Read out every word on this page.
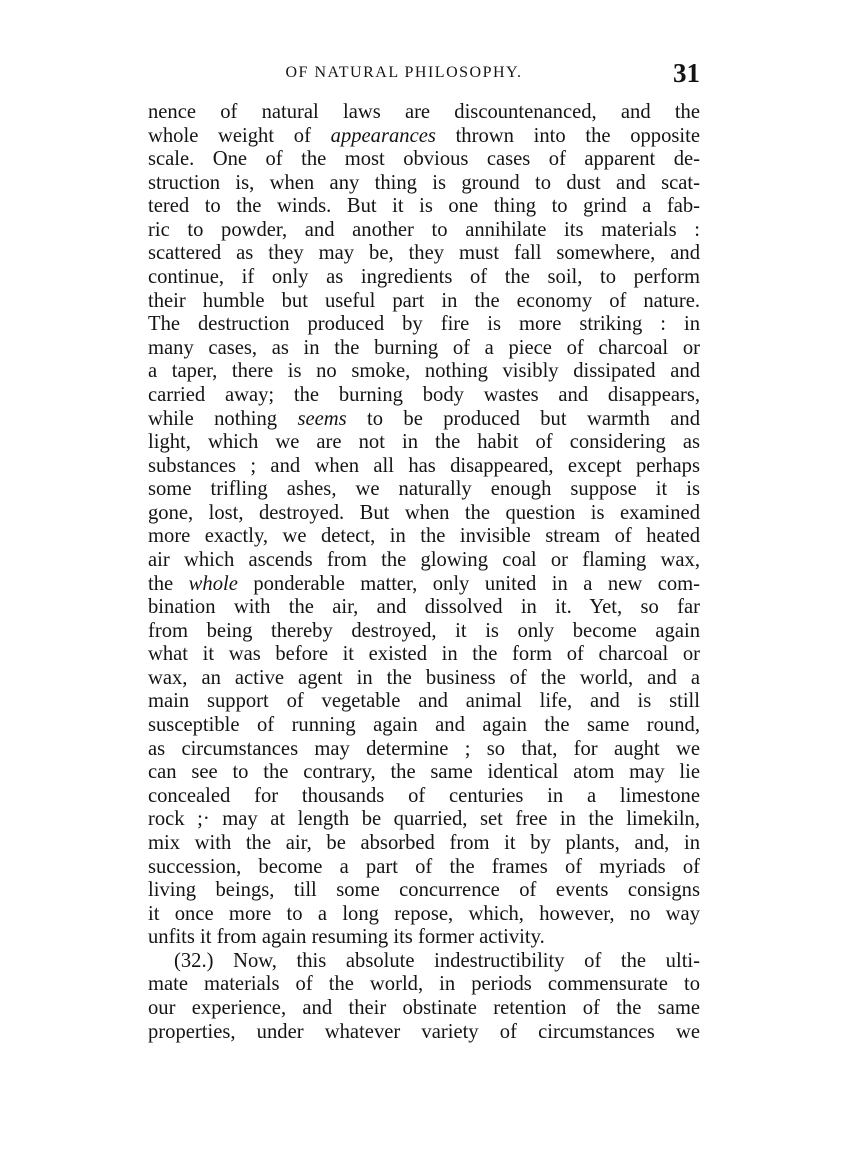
OF NATURAL PHILOSOPHY.	31
nence of natural laws are discountenanced, and the
whole weight of appearances thrown into the opposite
scale. One of the most obvious cases of apparent de-
struction is, when any thing is ground to dust and scat-
tered to the winds. But it is one thing to grind a fab-
ric to powder, and another to annihilate its materials :
scattered as they may be, they must fall somewhere, and
continue, if only as ingredients of the soil, to perform
their humble but useful part in the economy of nature.
The destruction produced by fire is more striking : in
many cases, as in the burning of a piece of charcoal or
a taper, there is no smoke, nothing visibly dissipated and
carried away; the burning body wastes and disappears,
while nothing seems to be produced but warmth and
light, which we are not in the habit of considering as
substances ; and when all has disappeared, except perhaps
some trifling ashes, we naturally enough suppose it is
gone, lost, destroyed. But when the question is examined
more exactly, we detect, in the invisible stream of heated
air which ascends from the glowing coal or flaming wax,
the whole ponderable matter, only united in a new com-
bination with the air, and dissolved in it. Yet, so far
from being thereby destroyed, it is only become again
what it was before it existed in the form of charcoal or
wax, an active agent in the business of the world, and a
main support of vegetable and animal life, and is still
susceptible of running again and again the same round,
as circumstances may determine ; so that, for aught we
can see to the contrary, the same identical atom may lie
concealed for thousands of centuries in a limestone
rock ;· may at length be quarried, set free in the limekiln,
mix with the air, be absorbed from it by plants, and, in
succession, become a part of the frames of myriads of
living beings, till some concurrence of events consigns
it once more to a long repose, which, however, no way
unfits it from again resuming its former activity.
(32.) Now, this absolute indestructibility of the ulti-
mate materials of the world, in periods commensurate to
our experience, and their obstinate retention of the same
properties, under whatever variety of circumstances we
